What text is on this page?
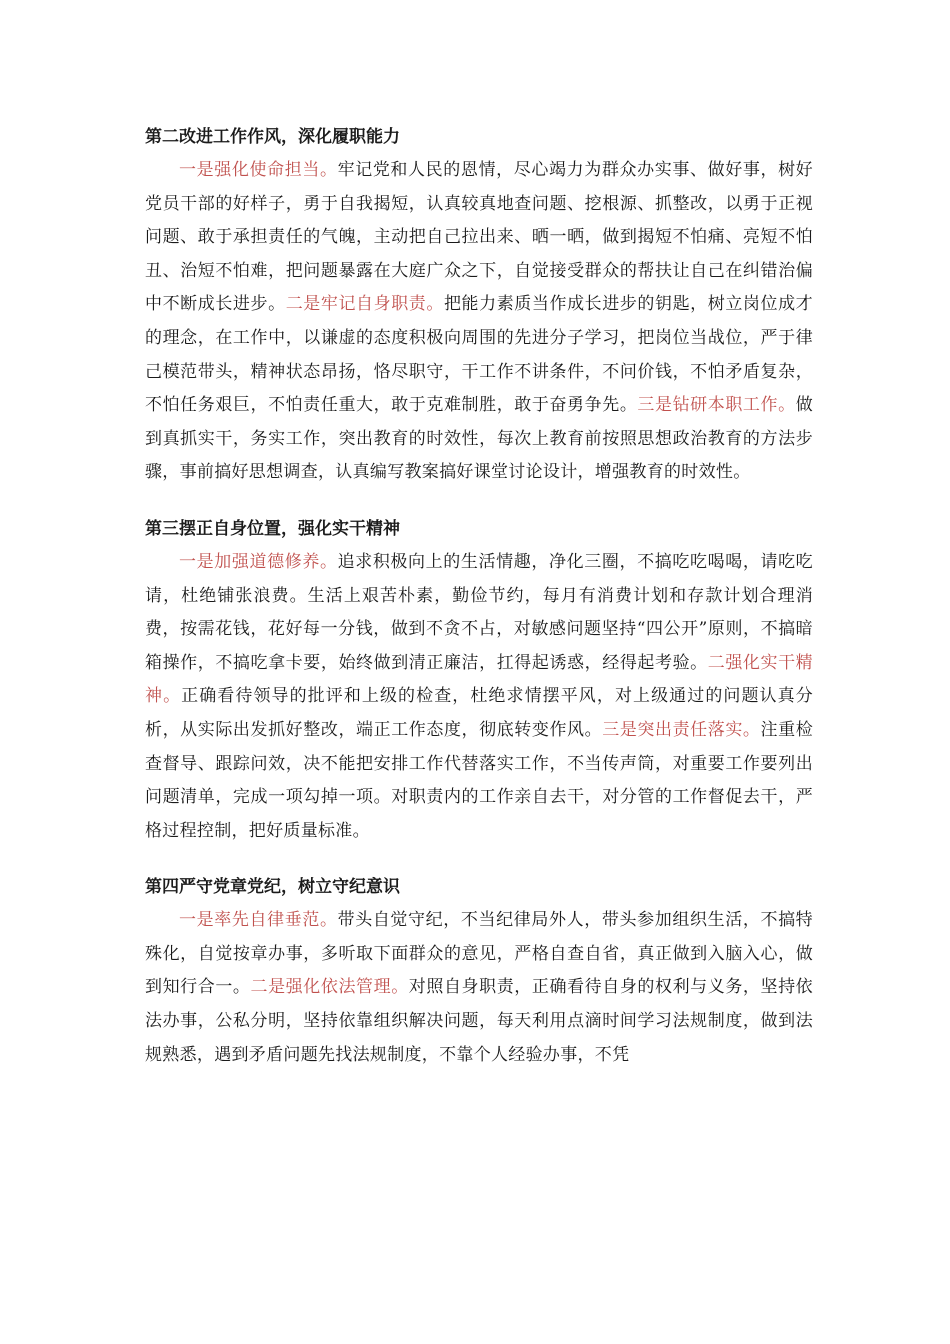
第二改进工作作风，深化履职能力

一是强化使命担当。牢记党和人民的恩情，尽心竭力为群众办实事、做好事，树好党员干部的好样子，勇于自我揭短，认真较真地查问题、挖根源、抓整改，以勇于正视问题、敢于承担责任的气魄，主动把自己拉出来、晒一晒，做到揭短不怕痛、亮短不怕丑、治短不怕难，把问题暴露在大庭广众之下，自觉接受群众的帮扶让自己在纠错治偏中不断成长进步。二是牢记自身职责。把能力素质当作成长进步的钥匙，树立岗位成才的理念，在工作中，以谦虚的态度积极向周围的先进分子学习，把岗位当战位，严于律己模范带头，精神状态昂扬，恪尽职守，干工作不讲条件，不问价钱，不怕矛盾复杂，不怕任务艰巨，不怕责任重大，敢于克难制胜，敢于奋勇争先。三是钻研本职工作。做到真抓实干，务实工作，突出教育的时效性，每次上教育前按照思想政治教育的方法步骤，事前搞好思想调查，认真编写教案搞好课堂讨论设计，增强教育的时效性。

第三摆正自身位置，强化实干精神

一是加强道德修养。追求积极向上的生活情趣，净化三圈，不搞吃吃喝喝，请吃吃请，杜绝铺张浪费。生活上艰苦朴素，勤俭节约，每月有消费计划和存款计划合理消费，按需花钱，花好每一分钱，做到不贪不占，对敏感问题坚持“四公开”原则，不搞暗箱操作，不搞吃拿卡要，始终做到清正廉洁，扛得起诱惑，经得起考验。二强化实干精神。正确看待领导的批评和上级的检查，杜绝求情摆平风，对上级通过的问题认真分析，从实际出发抓好整改，端正工作态度，彻底转变作风。三是突出责任落实。注重检查督导、跟踪问效，决不能把安排工作代替落实工作，不当传声筒，对重要工作要列出问题清单，完成一项勾掉一项。对职责内的工作亲自去干，对分管的工作督促去干，严格过程控制，把好质量标准。

第四严守党章党纪，树立守纪意识

一是率先自律垂范。带头自觉守纪，不当纪律局外人，带头参加组织生活，不搞特殊化，自觉按章办事，多听取下面群众的意见，严格自查自省，真正做到入脑入心，做到知行合一。二是强化依法管理。对照自身职责，正确看待自身的权利与义务，坚持依法办事，公私分明，坚持依靠组织解决问题，每天利用点滴时间学习法规制度，做到法规熟悉，遇到矛盾问题先找法规制度，不靠个人经验办事，不凭
